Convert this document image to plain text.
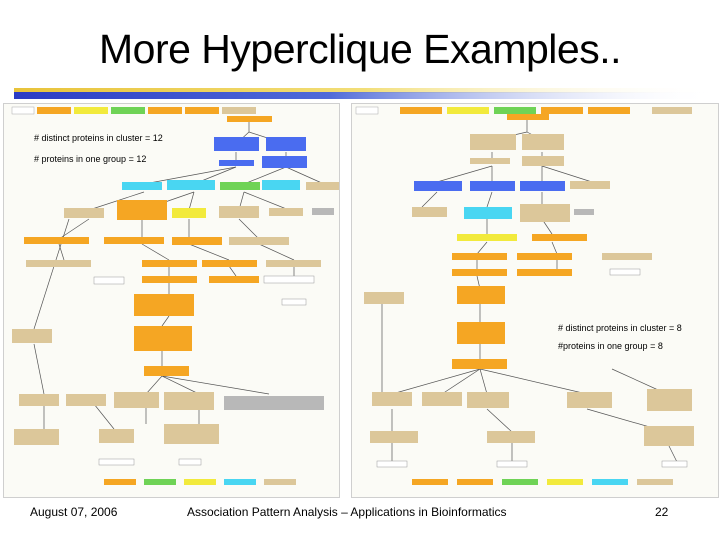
More Hyperclique Examples..
# distinct proteins in cluster = 12
# proteins in one group = 12
# distinct proteins in cluster = 8
#proteins in one group = 8
August 07, 2006	Association Pattern Analysis – Applications in Bioinformatics	22
